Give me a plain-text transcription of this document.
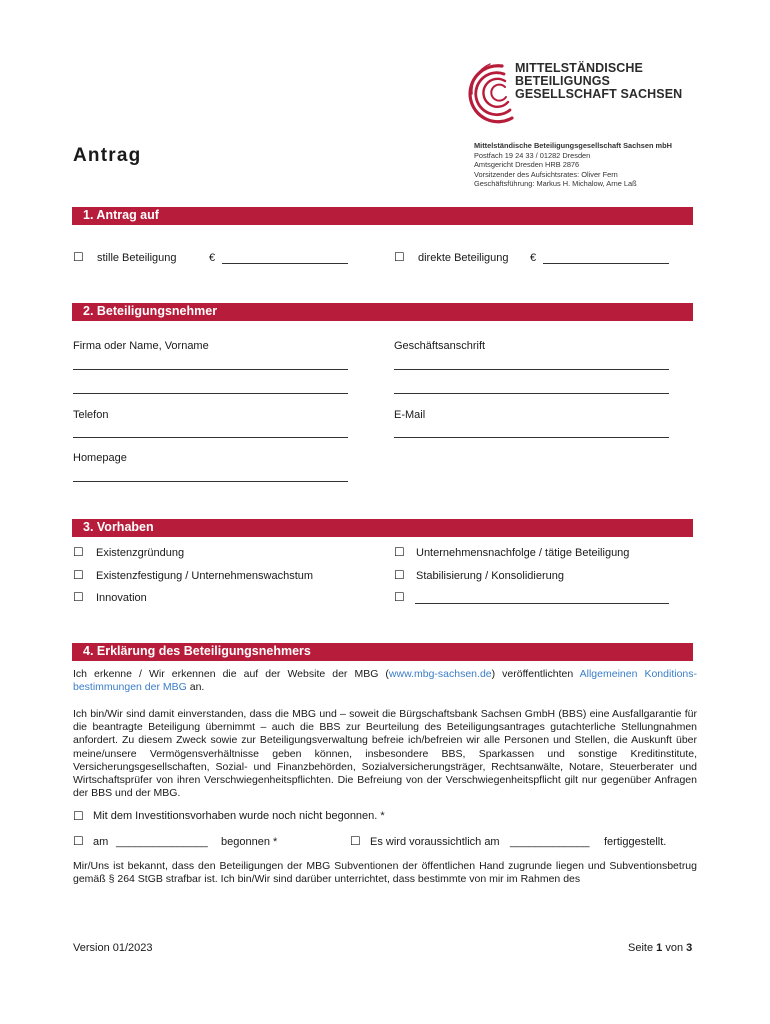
MITTELSTÄNDISCHE
BETEILIGUNGS
GESELLSCHAFT SACHSEN
Antrag	Mittelständische Beteiligungsgesellschaft Sachsen mbH
Postfach 19 24 33 / 01282 Dresden
Amtsgericht Dresden HRB 2876
Vorsitzender des Aufsichtsrates: Oliver Fern
Geschäftsführung: Markus H. Michalow, Arne Laß
1. Antrag auf
☐ stille Beteiligung	€	☐ direkte Beteiligung €
2. Beteiligungsnehmer
Firma oder Name, Vorname	Geschäftsanschrift
Telefon	E-Mail
Homepage
3. Vorhaben
☐ Existenzgründung	☐ Unternehmensnachfolge / tätige Beteiligung
☐ Existenzfestigung / Unternehmenswachstum	☐ Stabilisierung / Konsolidierung
☐ Innovation	☐
4. Erklärung des Beteiligungsnehmers
Ich erkenne / Wir erkennen die auf der Website der MBG (www.mbg-sachsen.de) veröffentlichten Allgemeinen Konditions-bestimmungen der MBG an.
Ich bin/Wir sind damit einverstanden, dass die MBG und – soweit die Bürgschaftsbank Sachsen GmbH (BBS) eine Ausfallgarantie für die beantragte Beteiligung übernimmt – auch die BBS zur Beurteilung des Beteiligungsantrages gutachterliche Stellungnahmen anfordert. Zu diesem Zweck sowie zur Beteiligungsverwaltung befreie ich/befreien wir alle Personen und Stellen, die Auskunft über meine/unsere Vermögensverhältnisse geben können, insbesondere BBS, Sparkassen und sonstige Kreditinstitute, Versicherungsgesellschaften, Sozial- und Finanzbehörden, Sozialversicherungsträger, Rechtsanwälte, Notare, Steuerberater und Wirtschaftsprüfer von ihren Verschwiegenheitspflichten. Die Befreiung von der Verschwiegenheitspflicht gilt nur gegenüber Anfragen der BBS und der MBG.
☐ Mit dem Investitionsvorhaben wurde noch nicht begonnen. *
☐ am _______________ begonnen *	☐ Es wird voraussichtlich am _____________ fertiggestellt.
Mir/Uns ist bekannt, dass den Beteiligungen der MBG Subventionen der öffentlichen Hand zugrunde liegen und Subventionsbetrug gemäß § 264 StGB strafbar ist. Ich bin/Wir sind darüber unterrichtet, dass bestimmte von mir im Rahmen des
Version 01/2023	Seite 1 von 3
